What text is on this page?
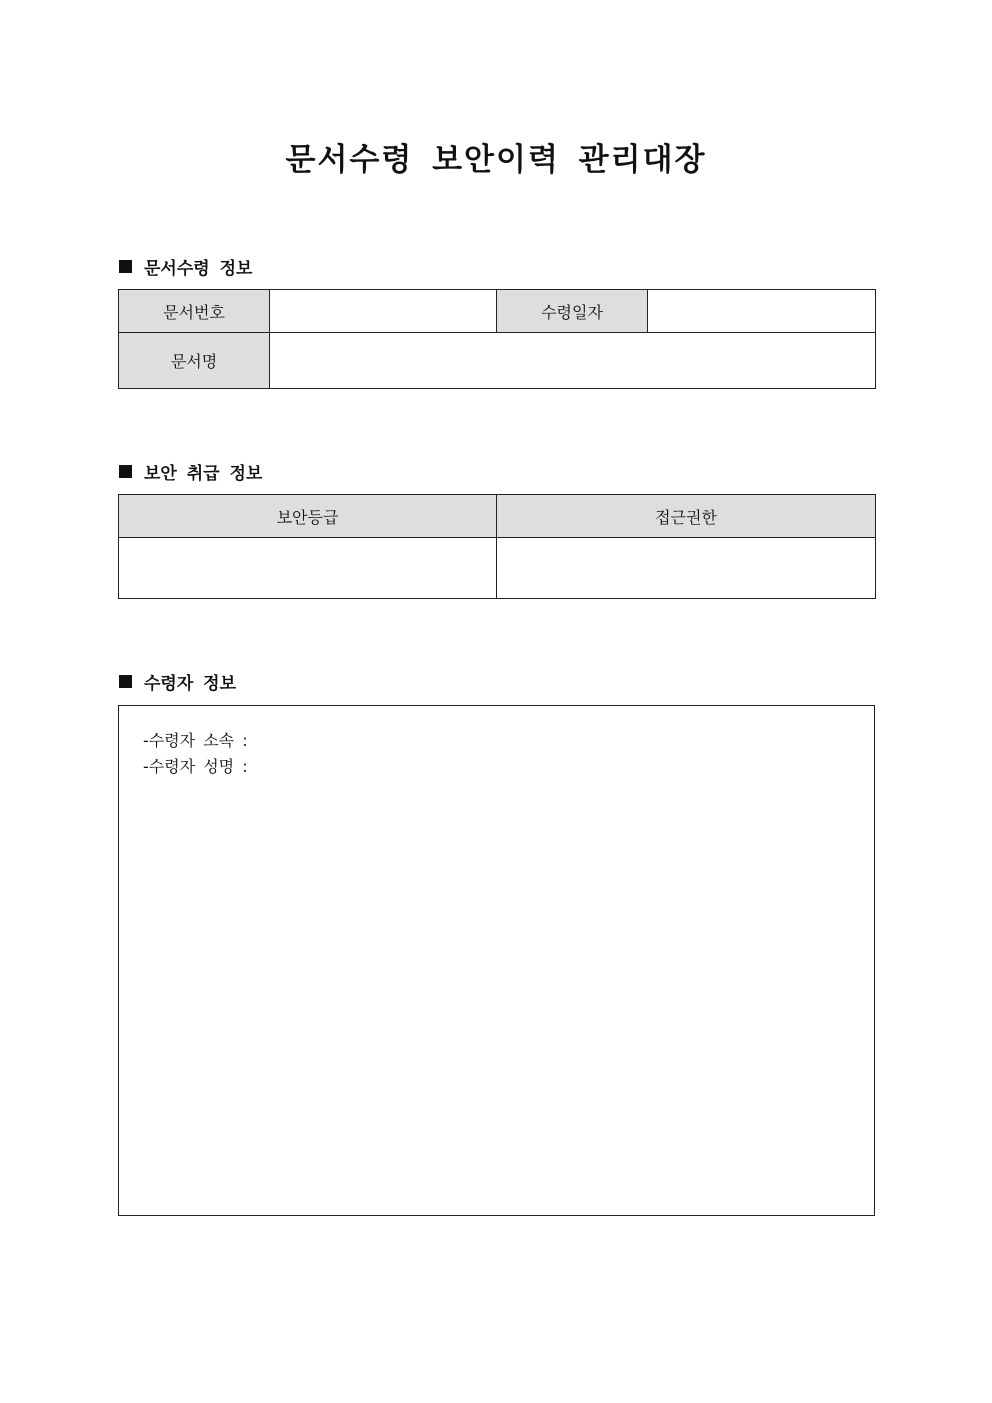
문서수령 보안이력 관리대장
문서수령 정보
문서번호		수령일자	
문서명			
보안 취급 정보
보안등급	접근권한

수령자 정보
-수령자 소속 :
-수령자 성명 :
